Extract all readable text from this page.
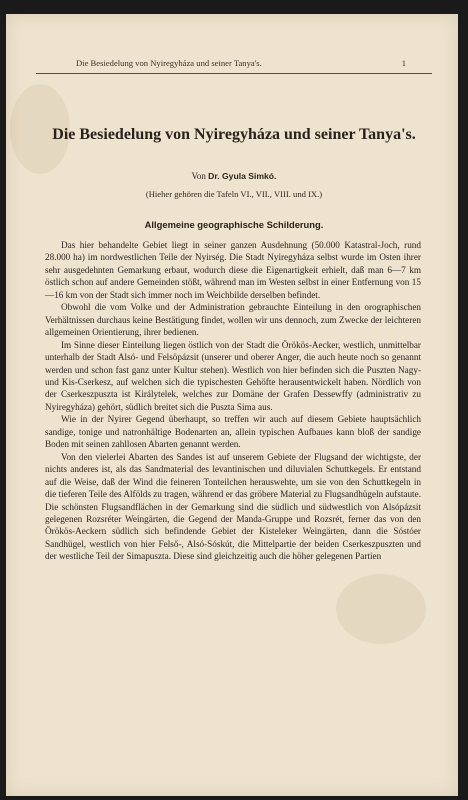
Die Besiedelung von Nyiregyháza und seiner Tanya's.	1
Die Besiedelung von Nyiregyháza und seiner Tanya's.
Von Dr. Gyula Simkó.
(Hieher gehören die Tafeln VI., VII., VIII. und IX.)
Allgemeine geographische Schilderung.

Das hier behandelte Gebiet liegt in seiner ganzen Ausdehnung (50.000 Katastral-Joch, rund 28.000 ha) im nordwestlichen Teile der Nyirség. Die Stadt Nyiregyháza selbst wurde im Osten ihrer sehr ausgedehnten Gemarkung erbaut, wodurch diese die Eigenartigkeit erhielt, daß man 6—7 km östlich schon auf andere Gemeinden stößt, während man im Westen selbst in einer Entfernung von 15—16 km von der Stadt sich immer noch im Weichbilde derselben befindet.

Obwohl die vom Volke und der Administration gebrauchte Einteilung in den orographischen Verhältnissen durchaus keine Bestätigung findet, wollen wir uns dennoch, zum Zwecke der leichteren allgemeinen Orientierung, ihrer bedienen.

Im Sinne dieser Einteilung liegen östlich von der Stadt die Örökös-Aecker, westlich, unmittelbar unterhalb der Stadt Alsó- und Felsöpázsit (unserer und oberer Anger, die auch heute noch so genannt werden und schon fast ganz unter Kultur stehen). Westlich von hier befinden sich die Puszten Nagy- und Kis-Cserkesz, auf welchen sich die typischesten Gehöfte herausentwickelt haben. Nördlich von der Cserkeszpuszta ist Királytelek, welches zur Domäne der Grafen Dessewffy (administrativ zu Nyiregyháza) gehört, südlich breitet sich die Puszta Sima aus.

Wie in der Nyirer Gegend überhaupt, so treffen wir auch auf diesem Gebiete hauptsächlich sandige, tonige und natronhältige Bodenarten an, allein typischen Aufbaues kann bloß der sandige Boden mit seinen zahllosen Abarten genannt werden.

Von den vielerlei Abarten des Sandes ist auf unserem Gebiete der Flugsand der wichtigste, der nichts anderes ist, als das Sandmaterial des levantinischen und diluvialen Schuttkegels. Er entstand auf die Weise, daß der Wind die feineren Tonteilchen herauswehte, um sie von den Schuttkegeln in die tieferen Teile des Alfölds zu tragen, während er das gröbere Material zu Flugsandhügeln aufstaute. Die schönsten Flugsandflächen in der Gemarkung sind die südlich und südwestlich von Alsópázsit gelegenen Rozsréter Weingärten, die Gegend der Manda-Gruppe und Rozsrét, ferner das von den Örökös-Aeckern südlich sich befindende Gebiet der Kisteleker Weingärten, dann die Sóstóer Sandhügel, westlich von hier Felső-, Alsó-Sóskút, die Mittelpartie der beiden Cserkeszpuszten und der westliche Teil der Simapuszta. Diese sind gleichzeitig auch die höher gelegenen Partien
